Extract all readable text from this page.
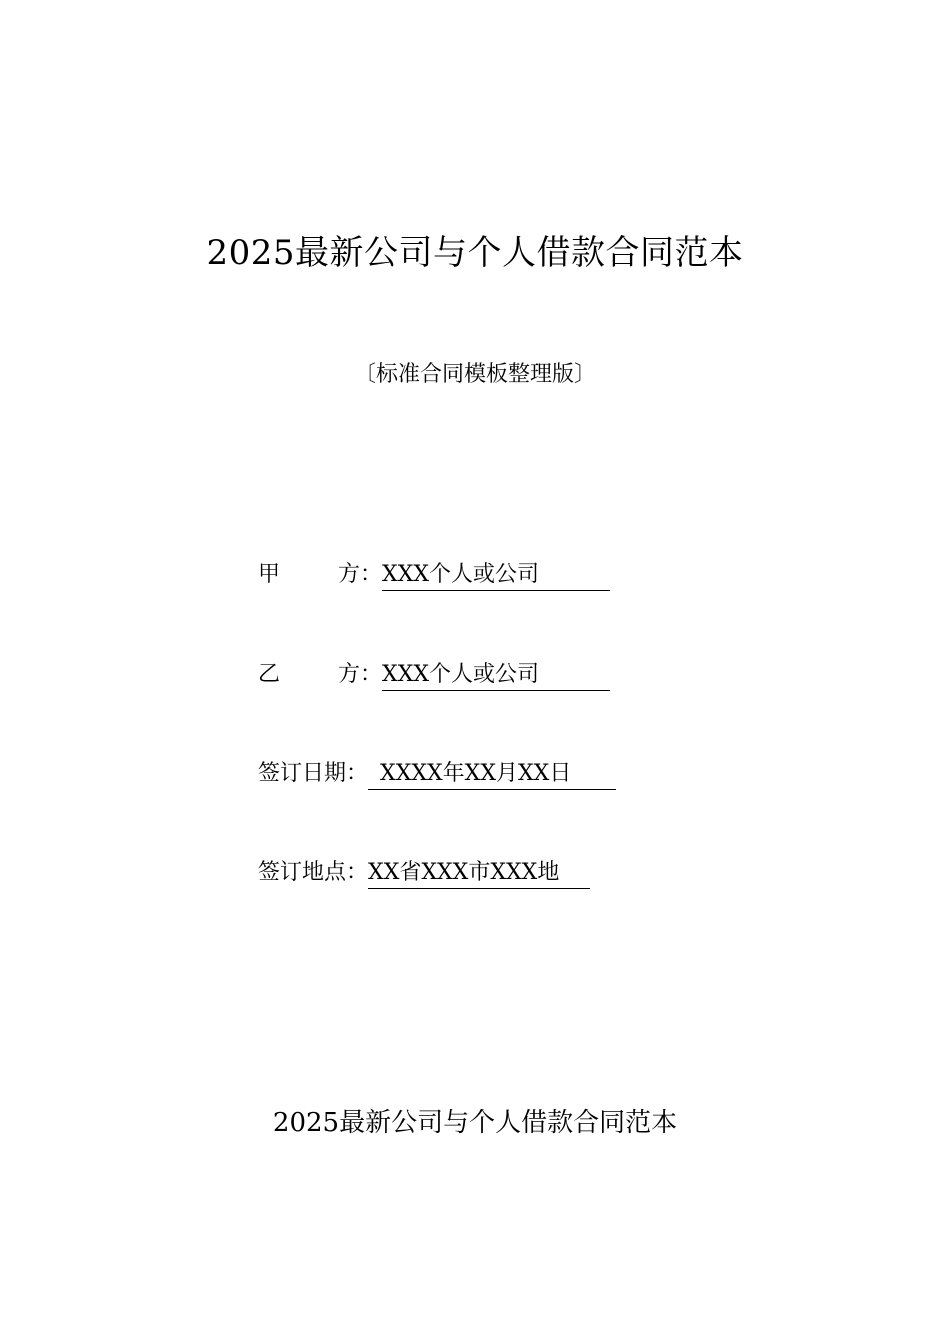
2025最新公司与个人借款合同范本
〔标准合同模板整理版〕
甲	方：XXX个人或公司
乙	方：XXX个人或公司
签订日期： XXXX年XX月XX日
签订地点：XX省XXX市XXX地
2025最新公司与个人借款合同范本
